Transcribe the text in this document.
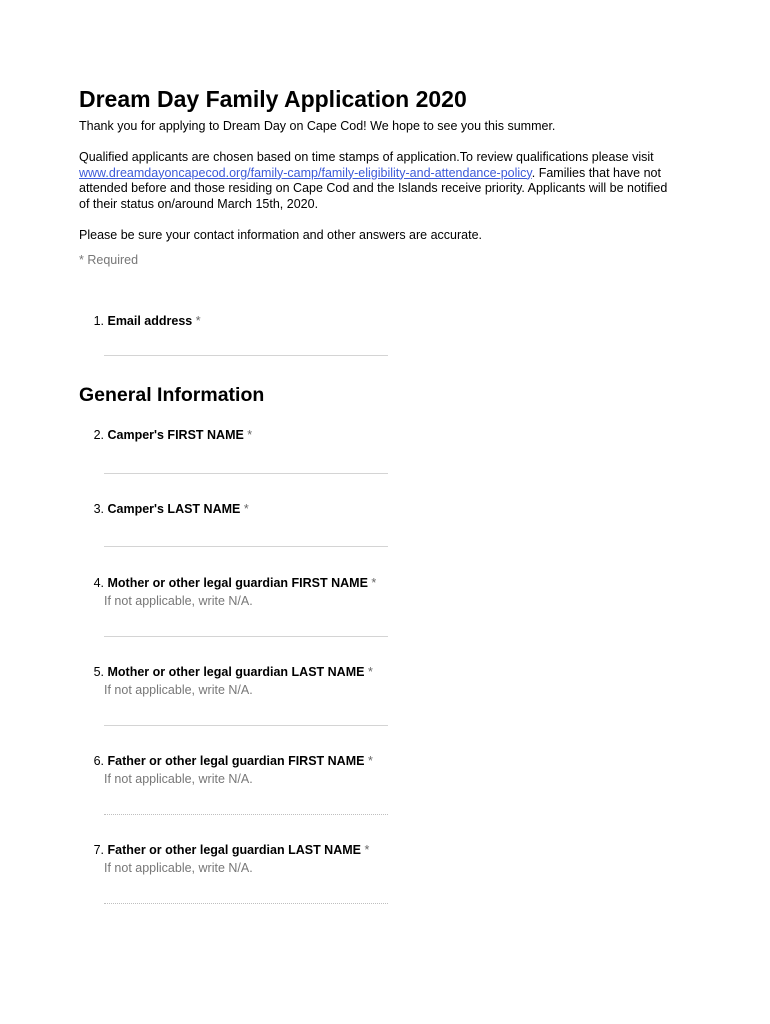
Dream Day Family Application 2020

Thank you for applying to Dream Day on Cape Cod! We hope to see you this summer.

Qualified applicants are chosen based on time stamps of application.To review qualifications please visit www.dreamdayoncapecod.org/family-camp/family-eligibility-and-attendance-policy. Families that have not attended before and those residing on Cape Cod and the Islands receive priority. Applicants will be notified of their status on/around March 15th, 2020.

Please be sure your contact information and other answers are accurate.

* Required
1. Email address *
General Information
2. Camper's FIRST NAME *
3. Camper's LAST NAME *
4. Mother or other legal guardian FIRST NAME *
If not applicable, write N/A.
5. Mother or other legal guardian LAST NAME *
If not applicable, write N/A.
6. Father or other legal guardian FIRST NAME *
If not applicable, write N/A.
7. Father or other legal guardian LAST NAME *
If not applicable, write N/A.
